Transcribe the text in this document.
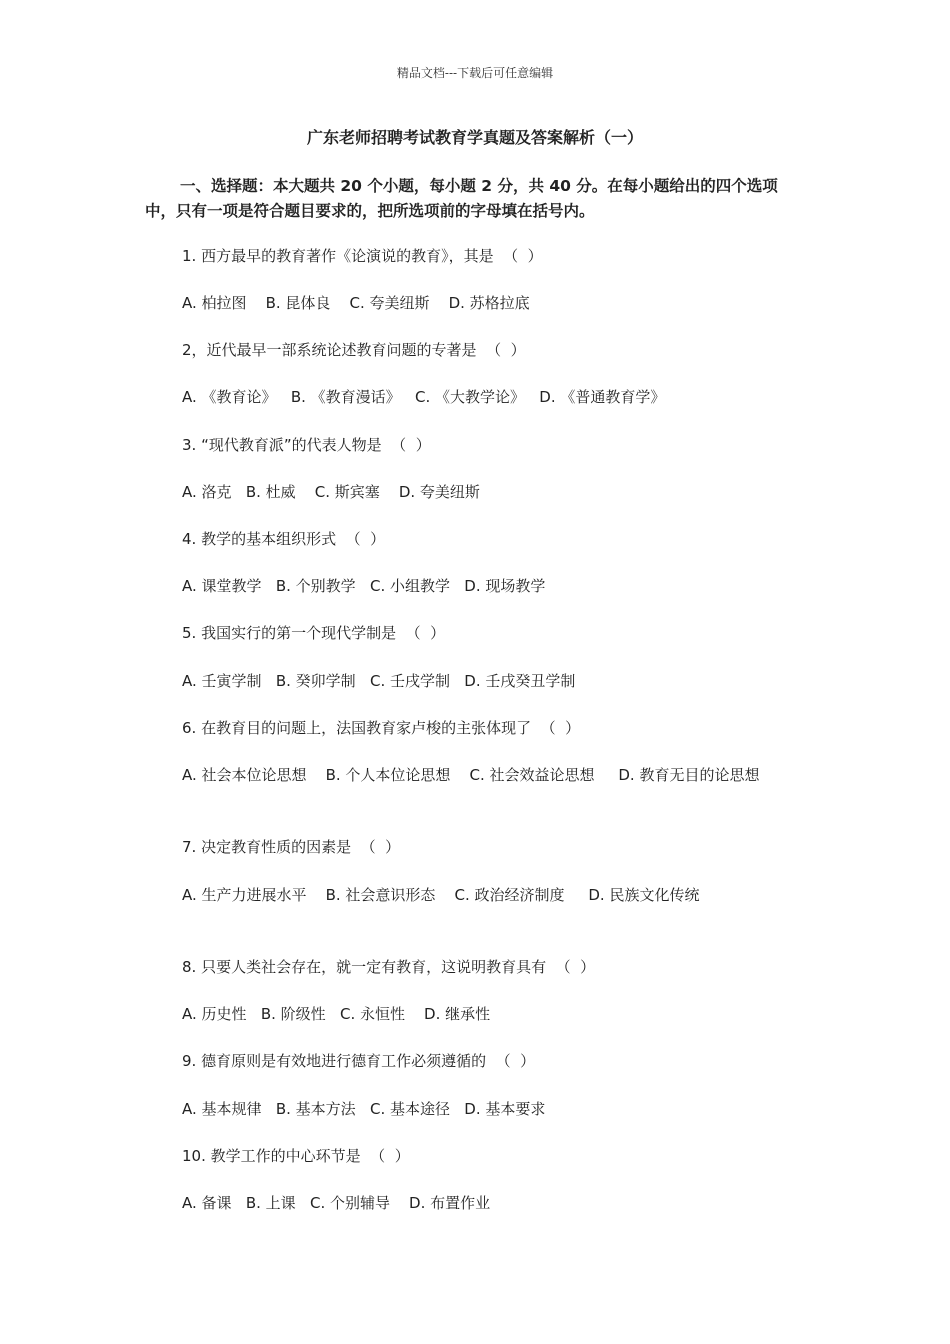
精品文档---下载后可任意编辑
广东老师招聘考试教育学真题及答案解析（一）
一、选择题：本大题共 20 个小题，每小题 2 分，共 40 分。在每小题给出的四个选项中，只有一项是符合题目要求的，把所选项前的字母填在括号内。
1. 西方最早的教育著作《论演说的教育》，其是  （  ）
A. 柏拉图    B. 昆体良    C. 夸美纽斯    D. 苏格拉底
2，近代最早一部系统论述教育问题的专著是  （  ）
A. 《教育论》   B. 《教育漫话》   C. 《大教学论》   D. 《普通教育学》
3. “现代教育派”的代表人物是  （  ）
A. 洛克   B. 杜威    C. 斯宾塞    D. 夸美纽斯
4. 教学的基本组织形式  （  ）
A. 课堂教学   B. 个别教学   C. 小组教学   D. 现场教学
5. 我国实行的第一个现代学制是  （  ）
A. 壬寅学制   B. 癸卯学制   C. 壬戌学制   D. 壬戌癸丑学制
6. 在教育目的问题上，法国教育家卢梭的主张体现了  （  ）
A. 社会本位论思想    B. 个人本位论思想    C. 社会效益论思想     D. 教育无目的论思想
7. 决定教育性质的因素是  （  ）
A. 生产力进展水平    B. 社会意识形态    C. 政治经济制度     D. 民族文化传统
8. 只要人类社会存在，就一定有教育，这说明教育具有  （  ）
A. 历史性   B. 阶级性   C. 永恒性    D. 继承性
9. 德育原则是有效地进行德育工作必须遵循的  （  ）
A. 基本规律   B. 基本方法   C. 基本途径   D. 基本要求
10. 教学工作的中心环节是  （  ）
A. 备课   B. 上课   C. 个别辅导    D. 布置作业
